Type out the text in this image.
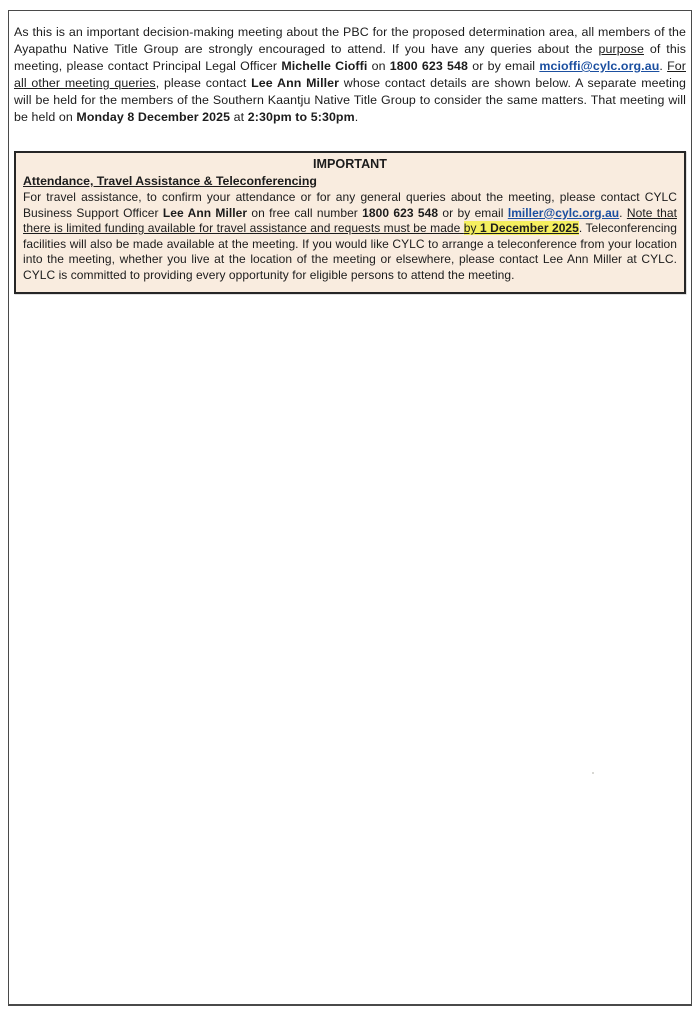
As this is an important decision-making meeting about the PBC for the proposed determination area, all members of the Ayapathu Native Title Group are strongly encouraged to attend. If you have any queries about the purpose of this meeting, please contact Principal Legal Officer Michelle Cioffi on 1800 623 548 or by email mcioffi@cylc.org.au. For all other meeting queries, please contact Lee Ann Miller whose contact details are shown below. A separate meeting will be held for the members of the Southern Kaantju Native Title Group to consider the same matters. That meeting will be held on Monday 8 December 2025 at 2:30pm to 5:30pm.

IMPORTANT
Attendance, Travel Assistance & Teleconferencing

For travel assistance, to confirm your attendance or for any general queries about the meeting, please contact CYLC Business Support Officer Lee Ann Miller on free call number 1800 623 548 or by email lmiller@cylc.org.au. Note that there is limited funding available for travel assistance and requests must be made by 1 December 2025. Teleconferencing facilities will also be made available at the meeting. If you would like CYLC to arrange a teleconference from your location into the meeting, whether you live at the location of the meeting or elsewhere, please contact Lee Ann Miller at CYLC. CYLC is committed to providing every opportunity for eligible persons to attend the meeting.
